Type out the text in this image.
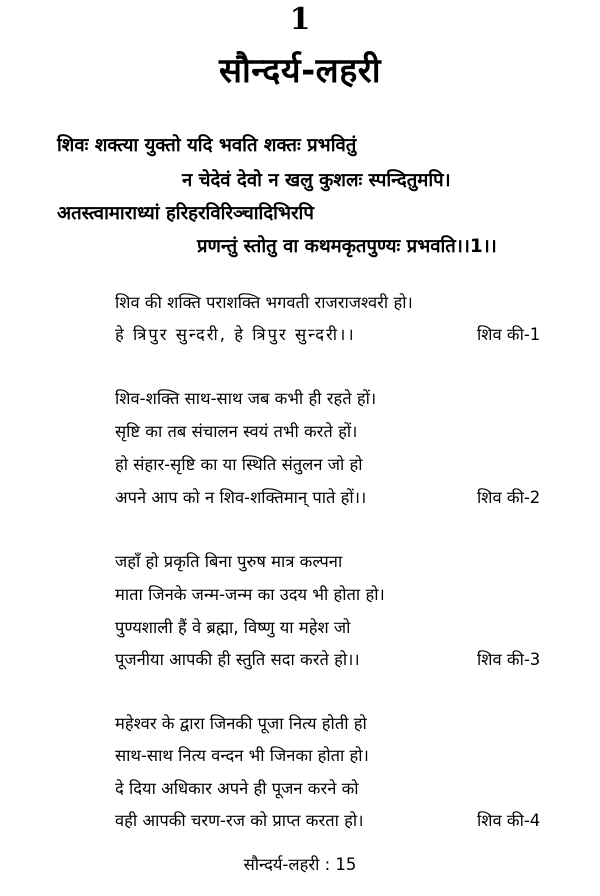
1
सौन्दर्य-लहरी
शिवः शक्त्या युक्तो यदि भवति शक्तः प्रभवितुं
न चेदेवं देवो न खलु कुशलः स्पन्दितुमपि।
अतस्त्वामाराध्यां हरिहरविरिञ्चादिभिरपि
प्रणन्तुं स्तोतु वा कथमकृतपुण्यः प्रभवति।।1।।
शिव की शक्ति पराशक्ति भगवती राजराजश्वरी हो।
हे त्रिपुर सुन्दरी, हे त्रिपुर सुन्दरी।।	शिव की-1
शिव-शक्ति साथ-साथ जब कभी ही रहते हों।
सृष्टि का तब संचालन स्वयं तभी करते हों।
हो संहार-सृष्टि का या स्थिति संतुलन जो हो
अपने आप को न शिव-शक्तिमान् पाते हों।।	शिव की-2
जहाँ हो प्रकृति बिना पुरुष मात्र कल्पना
माता जिनके जन्म-जन्म का उदय भी होता हो।
पुण्यशाली हैं वे ब्रह्मा, विष्णु या महेश जो
पूजनीया आपकी ही स्तुति सदा करते हो।।	शिव की-3
महेश्वर के द्वारा जिनकी पूजा नित्य होती हो
साथ-साथ नित्य वन्दन भी जिनका होता हो।
दे दिया अधिकार अपने ही पूजन करने को
वही आपकी चरण-रज को प्राप्त करता हो।	शिव की-4
सौन्दर्य-लहरी : 15
